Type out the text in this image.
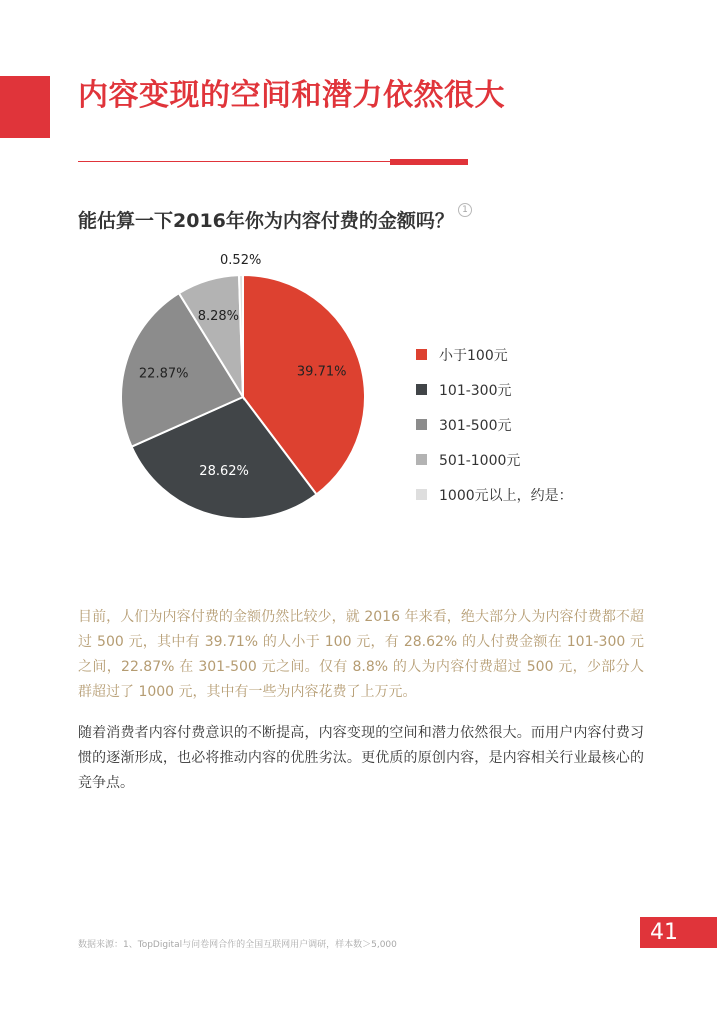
内容变现的空间和潜力依然很大
能估算一下2016年你为内容付费的金额吗？ 1
39.71%
28.62%
22.87%
8.28%
0.52%
小于100元
101-300元
301-500元
501-1000元
1000元以上，约是：

目前，人们为内容付费的金额仍然比较少，就 2016 年来看，绝大部分人为内容付费都不超过 500 元，其中有 39.71% 的人小于 100 元，有 28.62% 的人付费金额在 101-300 元之间，22.87% 在 301-500 元之间。仅有 8.8% 的人为内容付费超过 500 元，少部分人群超过了 1000 元，其中有一些为内容花费了上万元。

随着消费者内容付费意识的不断提高，内容变现的空间和潜力依然很大。而用户内容付费习惯的逐渐形成，也必将推动内容的优胜劣汰。更优质的原创内容，是内容相关行业最核心的竞争点。

数据来源：1、TopDigital与问卷网合作的全国互联网用户调研，样本数＞5,000	41
